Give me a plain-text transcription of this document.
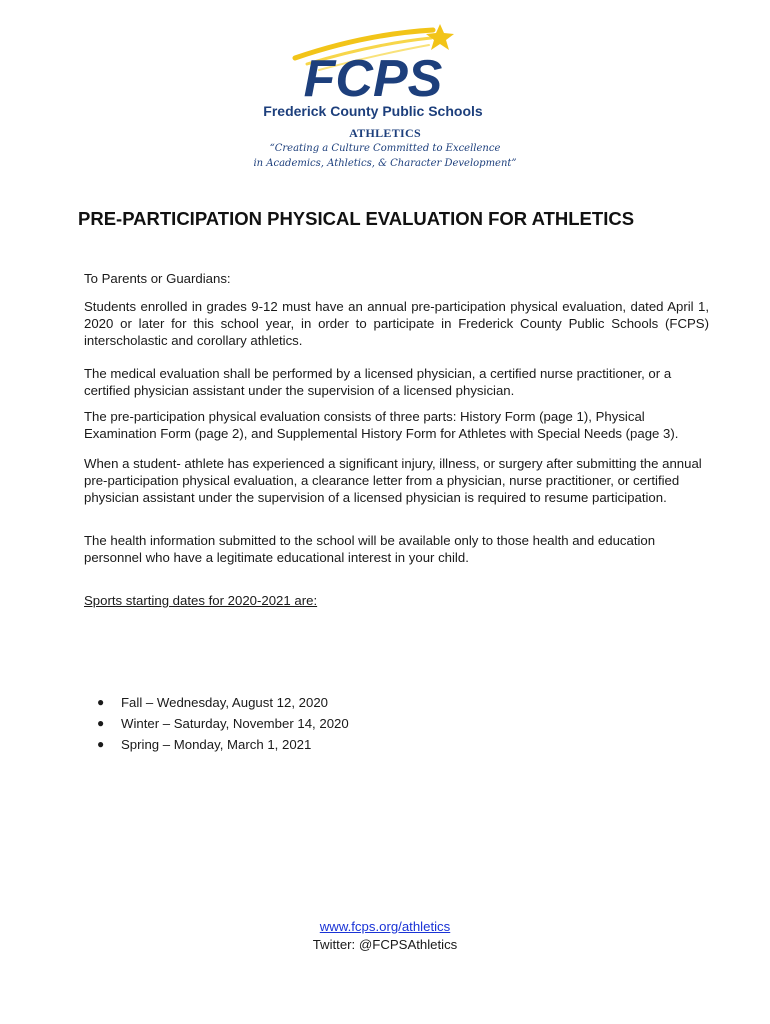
FCPS
Frederick County Public Schools
ATHLETICS
“Creating a Culture Committed to Excellence
in Academics, Athletics, & Character Development”
PRE-PARTICIPATION PHYSICAL EVALUATION FOR ATHLETICS
To Parents or Guardians:
Students enrolled in grades 9-12 must have an annual pre-participation physical evaluation, dated April 1, 2020 or later for this school year, in order to participate in Frederick County Public Schools (FCPS) interscholastic and corollary athletics.
The medical evaluation shall be performed by a licensed physician, a certified nurse practitioner, or a certified physician assistant under the supervision of a licensed physician.
The pre-participation physical evaluation consists of three parts: History Form (page 1), Physical Examination Form (page 2), and Supplemental History Form for Athletes with Special Needs (page 3).
When a student- athlete has experienced a significant injury, illness, or surgery after submitting the annual pre-participation physical evaluation, a clearance letter from a physician, nurse practitioner, or certified physician assistant under the supervision of a licensed physician is required to resume participation.
The health information submitted to the school will be available only to those health and education personnel who have a legitimate educational interest in your child.
Sports starting dates for 2020-2021 are:
● Fall – Wednesday, August 12, 2020
● Winter – Saturday, November 14, 2020
● Spring – Monday, March 1, 2021
www.fcps.org/athletics
Twitter: @FCPSAthletics
